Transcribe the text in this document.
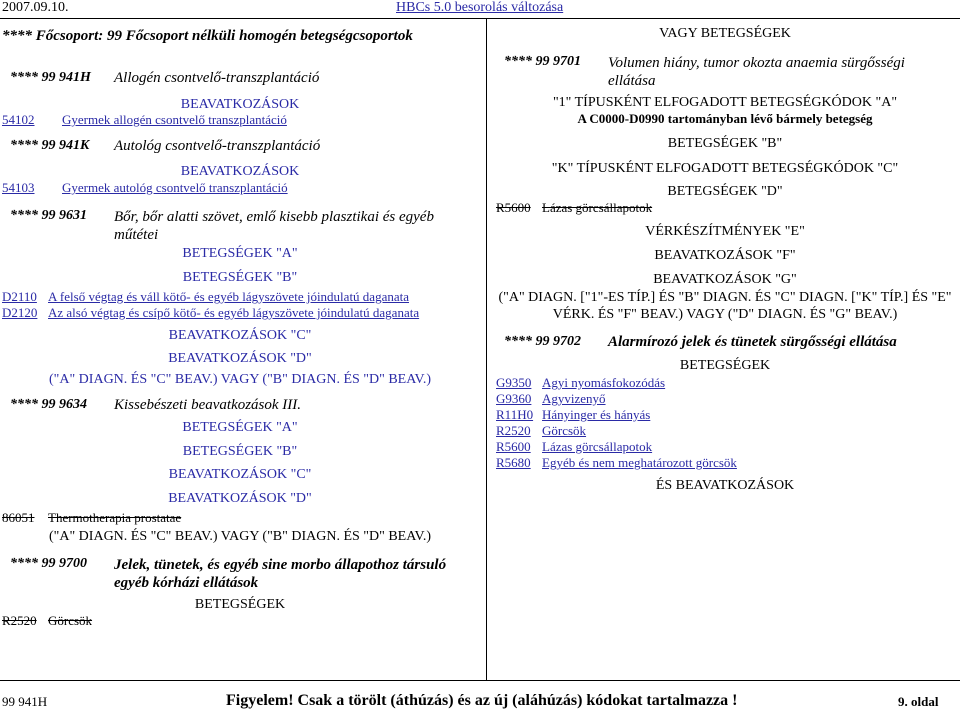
2007.09.10.	HBCs 5.0 besorolás változása
**** Főcsoport: 99 Főcsoport nélküli homogén betegségcsoportok
**** 99 941H Allogén csontvelő-transzplantáció
BEAVATKOZÁSOK
54102 Gyermek allogén csontvelő transzplantáció
**** 99 941K Autológ csontvelő-transzplantáció
BEAVATKOZÁSOK
54103 Gyermek autológ csontvelő transzplantáció
**** 99 9631 Bőr, bőr alatti szövet, emlő kisebb plasztikai és egyéb műtétei
BETEGSÉGEK "A"
BETEGSÉGEK "B"
D2110 A felső végtag és váll kötő- és egyéb lágyszövete jóindulatú daganata
D2120 Az alsó végtag és csípő kötő- és egyéb lágyszövete jóindulatú daganata
BEAVATKOZÁSOK "C"
BEAVATKOZÁSOK "D"
("A" DIAGN. ÉS "C" BEAV.) VAGY ("B" DIAGN. ÉS "D" BEAV.)
**** 99 9634 Kissebészeti beavatkozások III.
BETEGSÉGEK "A"
BETEGSÉGEK "B"
BEAVATKOZÁSOK "C"
BEAVATKOZÁSOK "D"
86051 Thermotherapia prostatae
("A" DIAGN. ÉS "C" BEAV.) VAGY ("B" DIAGN. ÉS "D" BEAV.)
**** 99 9700 Jelek, tünetek, és egyéb sine morbo állapothoz társuló egyéb kórházi ellátások
BETEGSÉGEK
R2520 Görcsök
VAGY BETEGSÉGEK
**** 99 9701 Volumen hiány, tumor okozta anaemia sürgősségi ellátása
"1" TÍPUSKÉNT ELFOGADOTT BETEGSÉGKÓDOK "A"
A C0000-D0990 tartományban lévő bármely betegség
BETEGSÉGEK "B"
"K" TÍPUSKÉNT ELFOGADOTT BETEGSÉGKÓDOK "C"
BETEGSÉGEK "D"
R5600 Lázas görcsállapotok
VÉRKÉSZÍTMÉNYEK "E"
BEAVATKOZÁSOK "F"
BEAVATKOZÁSOK "G"
("A" DIAGN. ["1"-ES TÍP.] ÉS "B" DIAGN. ÉS "C" DIAGN. ["K" TÍP.] ÉS "E"
VÉRK. ÉS "F" BEAV.) VAGY ("D" DIAGN. ÉS "G" BEAV.)
**** 99 9702 Alarmírozó jelek és tünetek sürgősségi ellátása
BETEGSÉGEK
G9350 Agyi nyomásfokozódás
G9360 Agyvizenyő
R11H0 Hányinger és hányás
R2520 Görcsök
R5600 Lázas görcsállapotok
R5680 Egyéb és nem meghatározott görcsök
ÉS BEAVATKOZÁSOK
99 941H	Figyelem! Csak a törölt (áthúzás) és az új (aláhúzás) kódokat tartalmazza !	9. oldal
